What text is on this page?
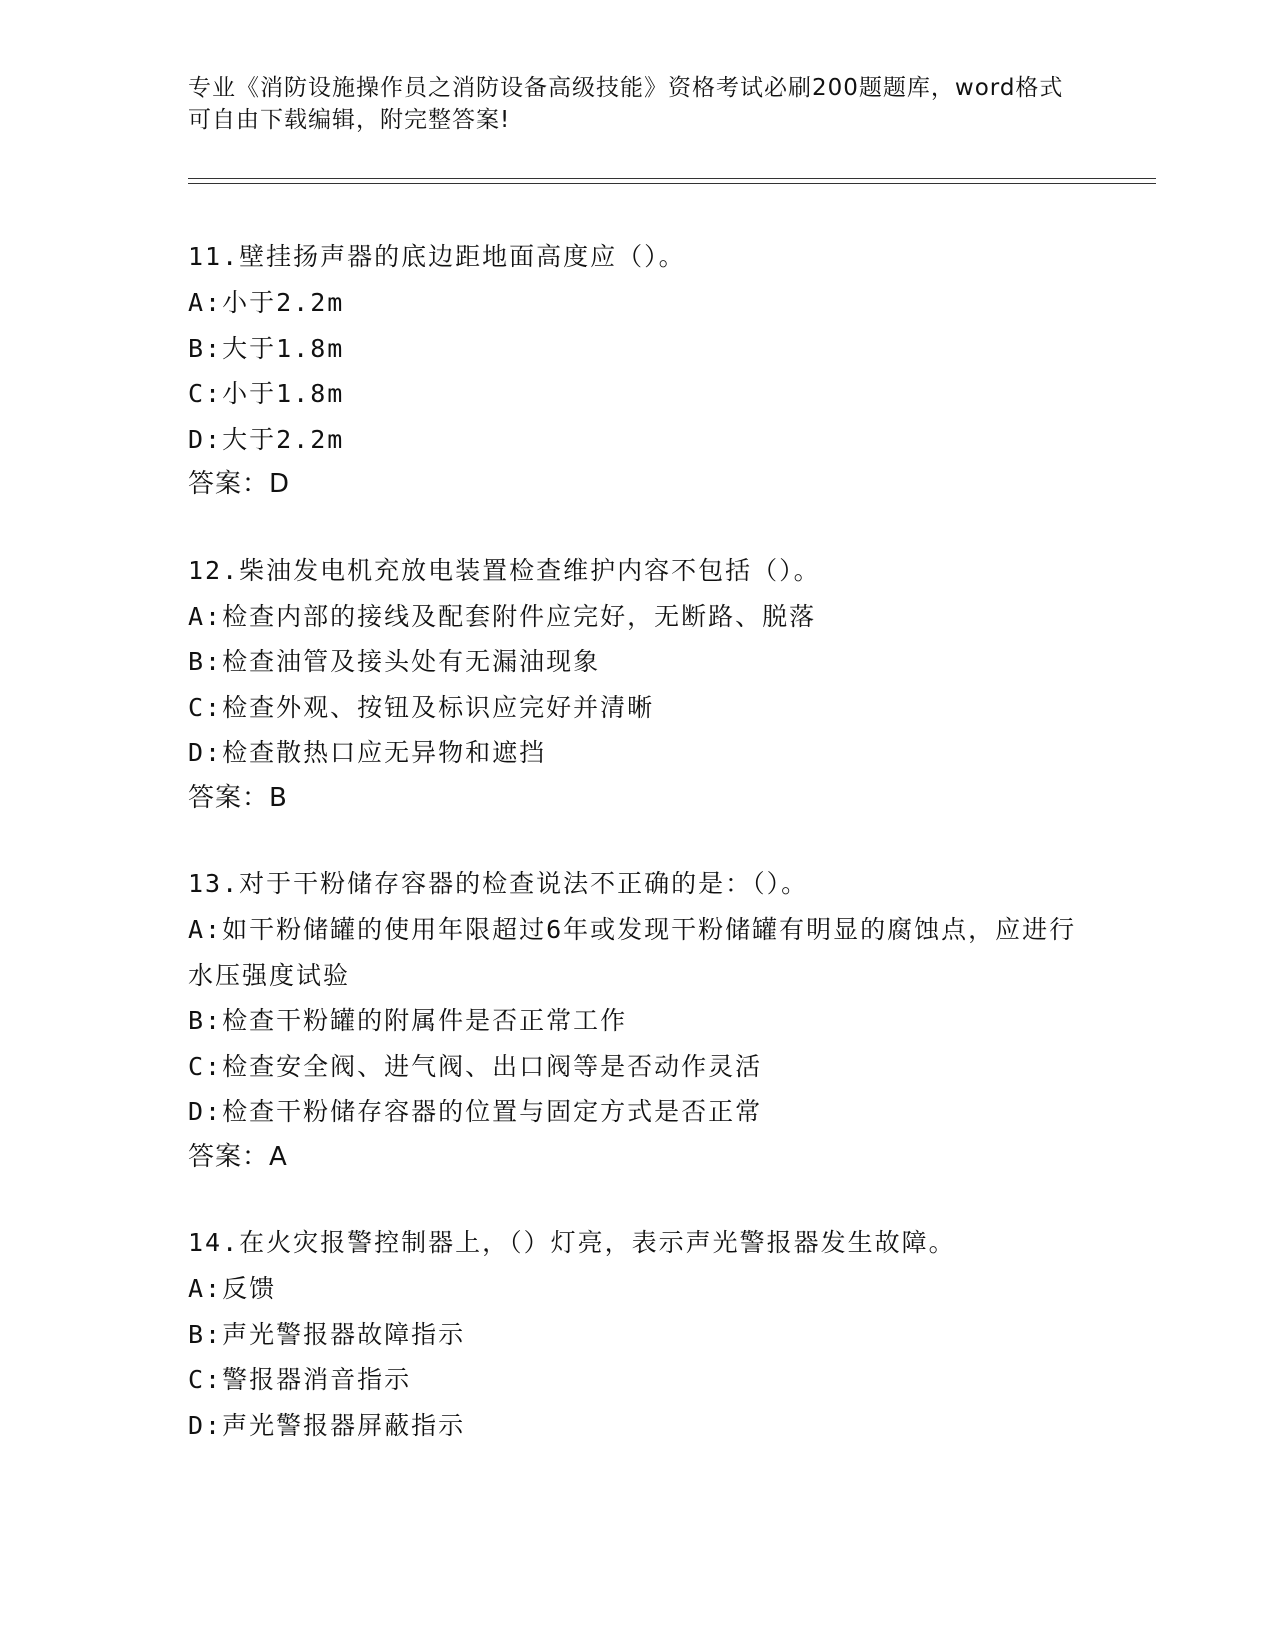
专业《消防设施操作员之消防设备高级技能》资格考试必刷200题题库，word格式可自由下载编辑，附完整答案!
11.壁挂扬声器的底边距地面高度应（）。
A:小于2.2m
B:大于1.8m
C:小于1.8m
D:大于2.2m
答案：D
12.柴油发电机充放电装置检查维护内容不包括（）。
A:检查内部的接线及配套附件应完好，无断路、脱落
B:检查油管及接头处有无漏油现象
C:检查外观、按钮及标识应完好并清晰
D:检查散热口应无异物和遮挡
答案：B
13.对于干粉储存容器的检查说法不正确的是：（）。
A:如干粉储罐的使用年限超过6年或发现干粉储罐有明显的腐蚀点，应进行水压强度试验
B:检查干粉罐的附属件是否正常工作
C:检查安全阀、进气阀、出口阀等是否动作灵活
D:检查干粉储存容器的位置与固定方式是否正常
答案：A
14.在火灾报警控制器上，（）灯亮，表示声光警报器发生故障。
A:反馈
B:声光警报器故障指示
C:警报器消音指示
D:声光警报器屏蔽指示
